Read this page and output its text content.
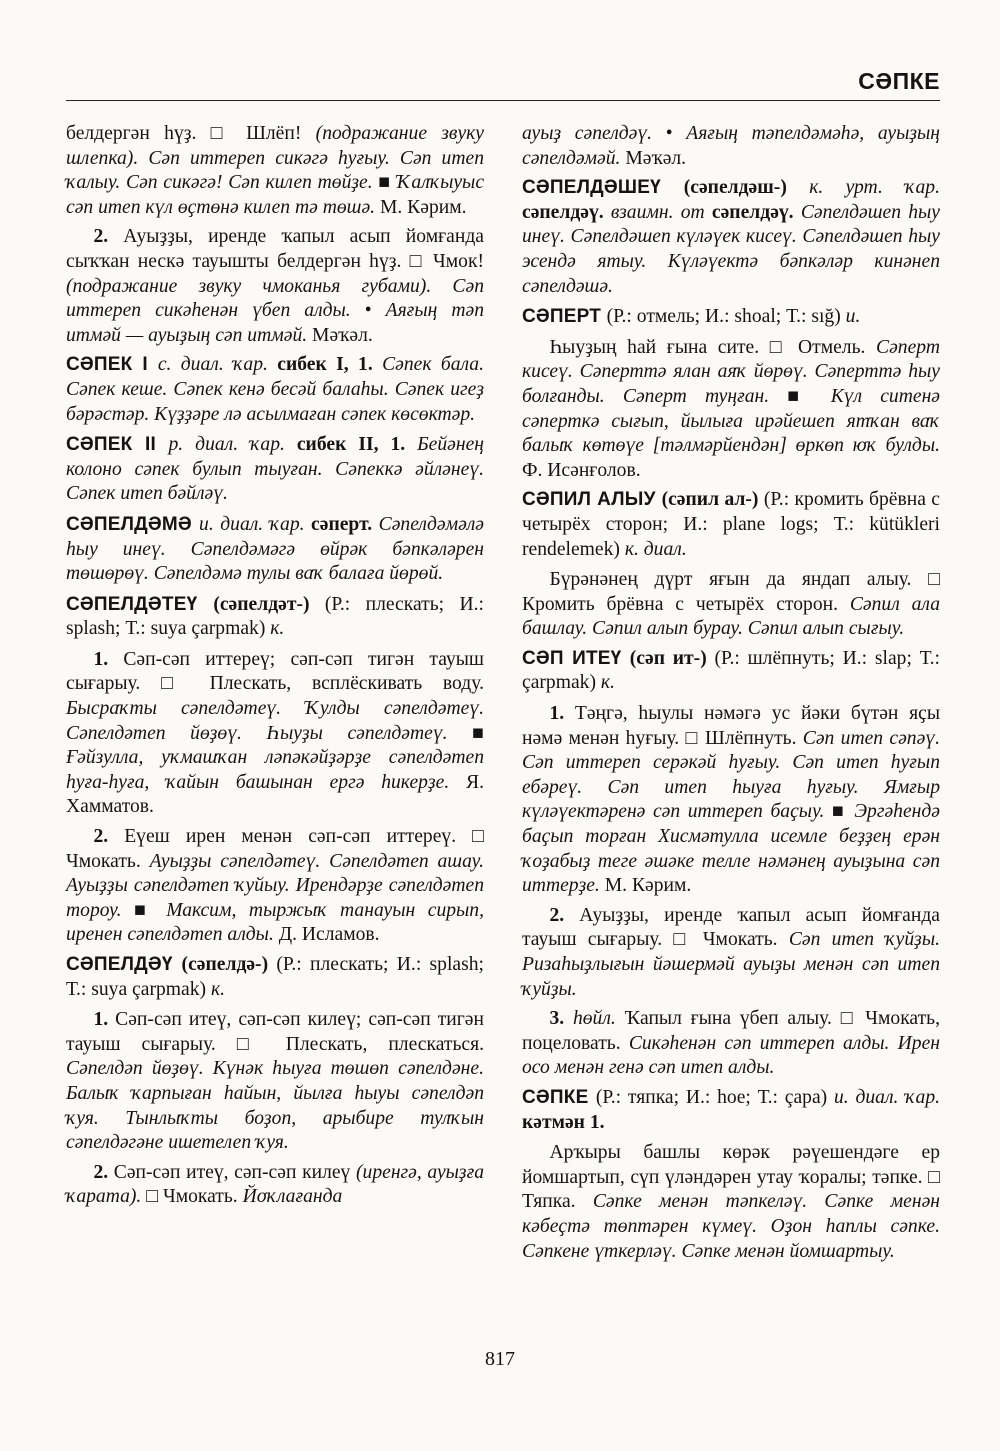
СӘПКЕ

белдергән һүҙ. □ Шлёп! (подражание звуку шлепка). Сәп иттереп сикәгә һуғыу. Сәп итеп ҡалыу. Сәп сикәгә! Сәп килеп төйҙе. ■ Ҡалҡыуыс сәп итеп күл өҫтөнә килеп тә төшә. М. Кәрим.

2. Ауыҙҙы, иренде ҡапыл асып йомғанда сыҡҡан нескә тауышты белдергән һүҙ. □ Чмок! (подражание звуку чмоканья губами). Сәп иттереп сикәһенән үбеп алды. • Аяғың тәп итмәй — ауыҙың сәп итмәй. Мәҡәл.

СӘПЕК I с. диал. ҡар. сибек I, 1. Сәпек бала. Сәпек кеше. Сәпек кенә бесәй балаһы. Сәпек игеҙ бәрәстәр. Күҙҙәре лә асылмаған сәпек көсөктәр.

СӘПЕК II р. диал. ҡар. сибек II, 1. Бейәнең колоно сәпек булып тыуған. Сәпеккә әйләнеү. Сәпек итеп бәйләү.

СӘПЕЛДӘМӘ и. диал. ҡар. сәперт. Сәпелдәмәлә һыу инеү. Сәпелдәмәгә өйрәк бәпкәләрен төшөрөү. Сәпелдәмә тулы ваҡ балаға йөрөй.

СӘПЕЛДӘТЕҮ (сәпелдәт-) (Р.: плескать; И.: splash; Т.: suya çarpmak) к.

1. Сәп-сәп иттереү; сәп-сәп тигән тауыш сығарыу. □ Плескать, всплёскивать воду. Бысраҡты сәпелдәтеү. Ҡулды сәпелдәтеү. Сәпелдәтеп йөҙөү. Һыуҙы сәпелдәтеү. ■ Ғәйзулла, уҡмашҡан ләпәкәйҙәрҙе сәпелдәтеп һуға-һуға, ҡайын башынан ергә һикерҙе. Я. Хамматов.

2. Еүеш ирен менән сәп-сәп иттереү. □ Чмокать. Ауыҙҙы сәпелдәтеү. Сәпелдәтеп ашау. Ауыҙҙы сәпелдәтеп ҡуйыу. Ирендәрҙе сәпелдәтеп тороу. ■ Максим, тыржыҡ танауын сирып, иренен сәпелдәтеп алды. Д. Исламов.

СӘПЕЛДӘҮ (сәпелдә-) (Р.: плескать; И.: splash; Т.: suya çarpmak) к.

1. Сәп-сәп итеү, сәп-сәп килеү; сәп-сәп тигән тауыш сығарыу. □ Плескать, плескаться. Сәпелдәп йөҙөү. Күнәк һыуға төшөп сәпелдәне. Балыҡ ҡарпыған һайын, йылға һыуы сәпелдәп ҡуя. Тынлыҡты боҙоп, арыбире тулҡын сәпелдәгәне ишетелеп ҡуя.

2. Сәп-сәп итеү, сәп-сәп килеү (иренгә, ауыҙға ҡарата). □ Чмокать. Йоҡлағанда

ауыҙ сәпелдәү. • Аяғың тәпелдәмәһә, ауыҙың сәпелдәмәй. Мәҡәл.

СӘПЕЛДӘШЕҮ (сәпелдәш-) к. урт. ҡар. сәпелдәү. взаимн. от сәпелдәү. Сәпелдәшеп һыу инеү. Сәпелдәшеп күләүек кисеү. Сәпелдәшеп һыу эсендә ятыу. Күләүектә бәпкәләр кинәнеп сәпелдәшә.

СӘПЕРТ (Р.: отмель; И.: shoal; Т.: sığ) и.

Һыуҙың һай ғына сите. □ Отмель. Сәперт кисеү. Сәперттә ялан аяҡ йөрөү. Сәперттә һыу болғанды. Сәперт туңған. ■ Күл ситенә сәперткә сығып, йылыға ирәйешеп ятҡан ваҡ балыҡ көтөүе [тәлмәрйендән] өркөп юҡ булды. Ф. Исәнғолов.

СӘПИЛ АЛЫУ (сәпил ал-) (Р.: кромить брёвна с четырёх сторон; И.: plane logs; Т.: kütükleri rendelemek) к. диал.

Бүрәнәнең дүрт яғын да яндап алыу. □ Кромить брёвна с четырёх сторон. Сәпил ала башлау. Сәпил алып бурау. Сәпил алып сығыу.

СӘП ИТЕҮ (сәп ит-) (Р.: шлёпнуть; И.: slap; Т.: çarpmak) к.

1. Тәңгә, һыулы нәмәгә ус йәки бүтән яҫы нәмә менән һуғыу. □ Шлёпнуть. Сәп итеп сәпәү. Сәп иттереп серәкәй һуғыу. Сәп итеп һуғып ебәреү. Сәп итеп һыуға һуғыу. Ямғыр күләүектәренә сәп иттереп баҫыу. ■ Эргәһендә баҫып торған Хисмәтулла исемле беҙҙең ерән ҡоҙабыҙ теге әшәке телле нәмәнең ауыҙына сәп иттерҙе. М. Кәрим.

2. Ауыҙҙы, иренде ҡапыл асып йомғанда тауыш сығарыу. □ Чмокать. Сәп итеп ҡуйҙы. Ризаһыҙлығын йәшермәй ауыҙы менән сәп итеп ҡуйҙы.

3. һөйл. Ҡапыл ғына үбеп алыу. □ Чмокать, поцеловать. Сикәһенән сәп иттереп алды. Ирен осо менән генә сәп итеп алды.

СӘПКЕ (Р.: тяпка; И.: hoe; Т.: çapa) и. диал. ҡар. кәтмән 1.

Арҡыры башлы көрәк рәүешендәге ер йомшартып, сүп үләндәрен утау ҡоралы; тәпке. □ Тяпка. Сәпке менән тәпкеләү. Сәпке менән кәбеҫтә төптәрен күмеү. Оҙон һаплы сәпке. Сәпкене үткерләү. Сәпке менән йомшартыу.

817
